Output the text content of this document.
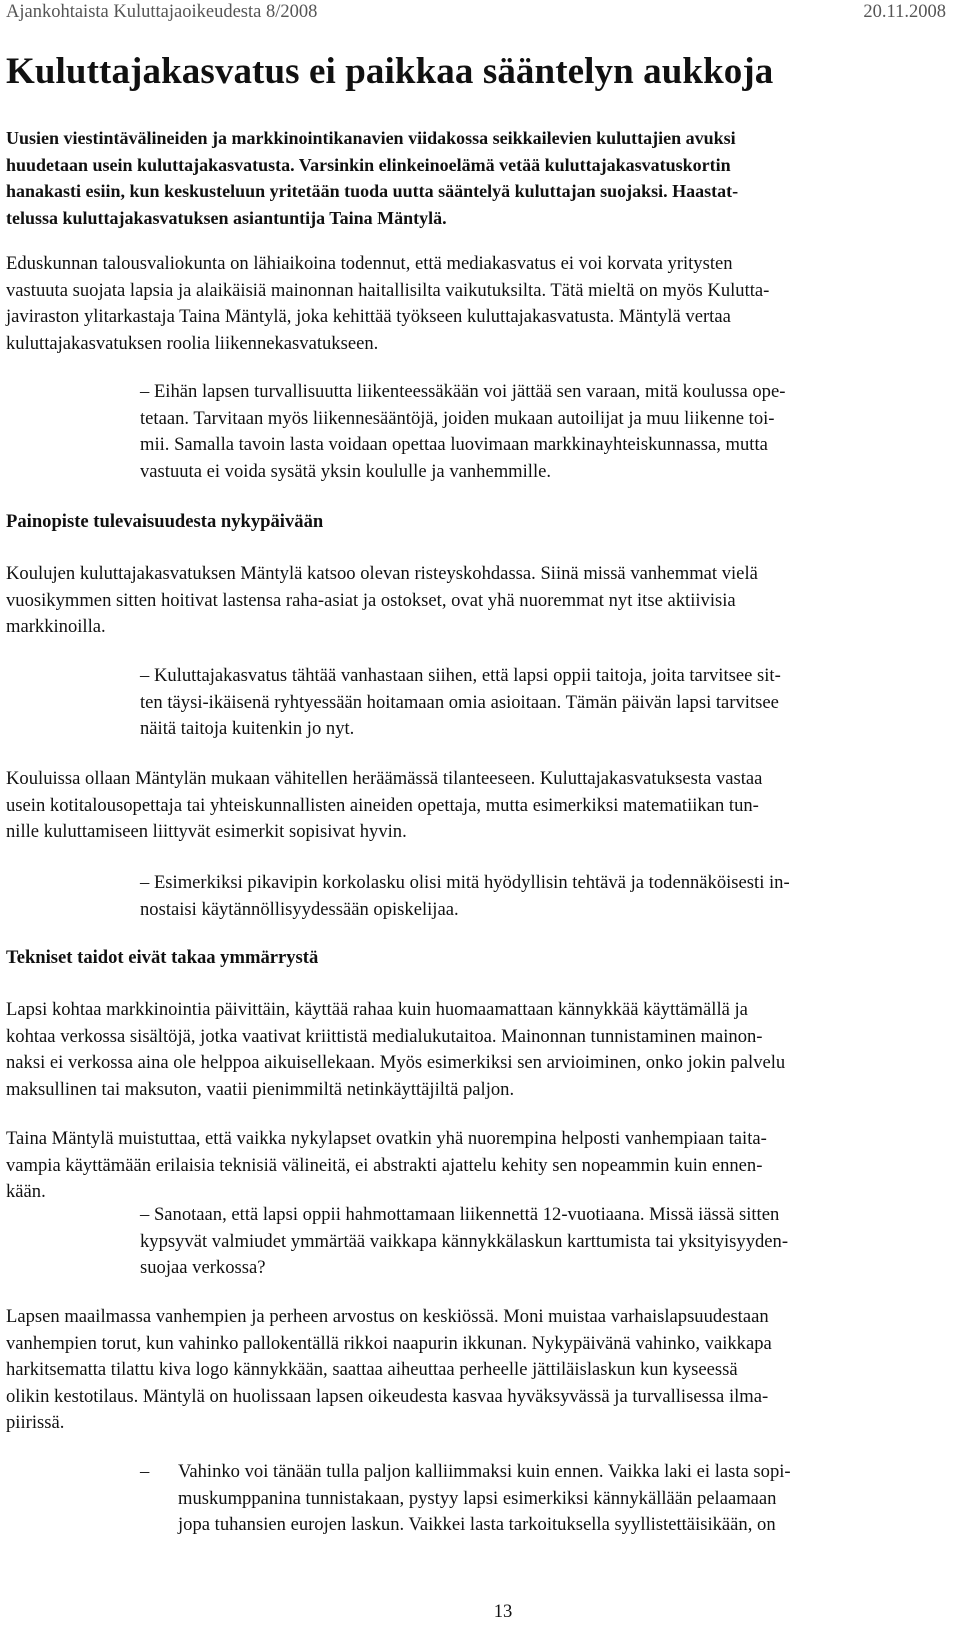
Ajankohtaista Kuluttajaoikeudesta 8/2008	20.11.2008
Kuluttajakasvatus ei paikkaa sääntelyn aukkoja

Uusien viestintävälineiden ja markkinointikanavien viidakossa seikkailevien kuluttajien avuksi
huudetaan usein kuluttajakasvatusta. Varsinkin elinkeinoelämä vetää kuluttajakasvatuskortin
hanakasti esiin, kun keskusteluun yritetään tuoda uutta sääntelyä kuluttajan suojaksi. Haastat-
telussa kuluttajakasvatuksen asiantuntija Taina Mäntylä.

Eduskunnan talousvaliokunta on lähiaikoina todennut, että mediakasvatus ei voi korvata yritysten
vastuuta suojata lapsia ja alaikäisiä mainonnan haitallisilta vaikutuksilta. Tätä mieltä on myös Kulutta-
javiraston ylitarkastaja Taina Mäntylä, joka kehittää työkseen kuluttajakasvatusta. Mäntylä vertaa
kuluttajakasvatuksen roolia liikennekasvatukseen.

– Eihän lapsen turvallisuutta liikenteessäkään voi jättää sen varaan, mitä koulussa ope-
tetaan. Tarvitaan myös liikennesääntöjä, joiden mukaan autoilijat ja muu liikenne toi-
mii. Samalla tavoin lasta voidaan opettaa luovimaan markkinayhteiskunnassa, mutta
vastuuta ei voida sysätä yksin koululle ja vanhemmille.

Painopiste tulevaisuudesta nykypäivään

Koulujen kuluttajakasvatuksen Mäntylä katsoo olevan risteyskohdassa. Siinä missä vanhemmat vielä
vuosikymmen sitten hoitivat lastensa raha-asiat ja ostokset, ovat yhä nuoremmat nyt itse aktiivisia
markkinoilla.

– Kuluttajakasvatus tähtää vanhastaan siihen, että lapsi oppii taitoja, joita tarvitsee sit-
ten täysi-ikäisenä ryhtyessään hoitamaan omia asioitaan. Tämän päivän lapsi tarvitsee
näitä taitoja kuitenkin jo nyt.

Kouluissa ollaan Mäntylän mukaan vähitellen heräämässä tilanteeseen. Kuluttajakasvatuksesta vastaa
usein kotitalousopettaja tai yhteiskunnallisten aineiden opettaja, mutta esimerkiksi matematiikan tun-
nille kuluttamiseen liittyvät esimerkit sopisivat hyvin.

– Esimerkiksi pikavipin korkolasku olisi mitä hyödyllisin tehtävä ja todennäköisesti in-
nostaisi käytännöllisyydessään opiskelijaa.

Tekniset taidot eivät takaa ymmärrystä

Lapsi kohtaa markkinointia päivittäin, käyttää rahaa kuin huomaamattaan kännykkää käyttämällä ja
kohtaa verkossa sisältöjä, jotka vaativat kriittistä medialukutaitoa. Mainonnan tunnistaminen mainon-
naksi ei verkossa aina ole helppoa aikuisellekaan. Myös esimerkiksi sen arvioiminen, onko jokin palvelu
maksullinen tai maksuton, vaatii pienimmiltä netinkäyttäjiltä paljon.

Taina Mäntylä muistuttaa, että vaikka nykylapset ovatkin yhä nuorempina helposti vanhempiaan taita-
vampia käyttämään erilaisia teknisiä välineitä, ei abstrakti ajattelu kehity sen nopeammin kuin ennen-
kään.

– Sanotaan, että lapsi oppii hahmottamaan liikennettä 12-vuotiaana. Missä iässä sitten
kypsyvät valmiudet ymmärtää vaikkapa kännykkälaskun karttumista tai yksityisyyden-
suojaa verkossa?

Lapsen maailmassa vanhempien ja perheen arvostus on keskiössä. Moni muistaa varhaislapsuudestaan
vanhempien torut, kun vahinko pallokentällä rikkoi naapurin ikkunan. Nykypäivänä vahinko, vaikkapa
harkitsematta tilattu kiva logo kännykkään, saattaa aiheuttaa perheelle jättiläislaskun kun kyseessä
olikin kestotilaus. Mäntylä on huolissaan lapsen oikeudesta kasvaa hyväksyvässä ja turvallisessa ilma-
piirissä.

– Vahinko voi tänään tulla paljon kalliimmaksi kuin ennen. Vaikka laki ei lasta sopi-
muskumppanina tunnistakaan, pystyy lapsi esimerkiksi kännykällään pelaamaan
jopa tuhansien eurojen laskun. Vaikkei lasta tarkoituksella syyllistettäisikään, on

13
